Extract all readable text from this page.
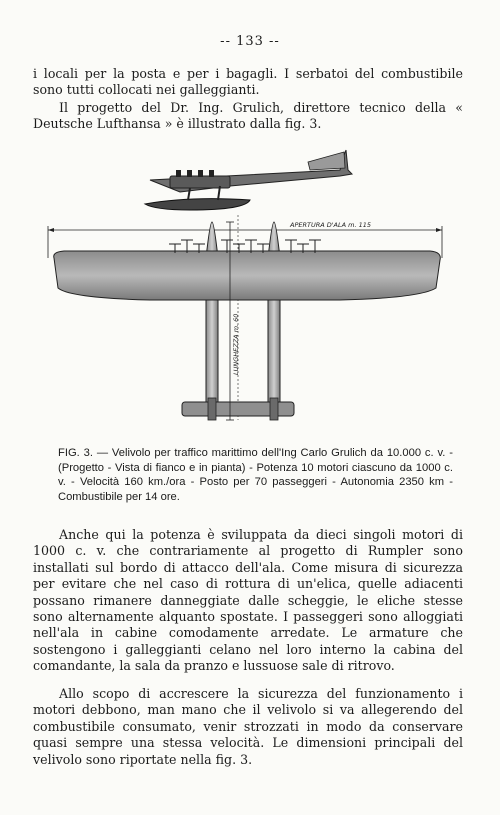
-- 133 --

i locali per la posta e per i bagagli. I serbatoi del combustibile sono tutti collocati nei galleggianti.

Il progetto del Dr. Ing. Grulich, direttore tecnico della « Deutsche Lufthansa » è illustrato dalla fig. 3.

APERTURA D'ALA m. 115
LUNGHEZZA m. 60

FIG. 3. — Velivolo per traffico marittimo dell'Ing Carlo Grulich da 10.000 c. v. - (Progetto - Vista di fianco e in pianta) - Potenza 10 motori ciascuno da 1000 c. v. - Velocità 160 km./ora - Posto per 70 passeggeri - Autonomia 2350 km - Combustibile per 14 ore.

Anche qui la potenza è sviluppata da dieci singoli motori di 1000 c. v. che contrariamente al progetto di Rumpler sono installati sul bordo di attacco dell'ala. Come misura di sicurezza per evitare che nel caso di rottura di un'elica, quelle adiacenti possano rimanere danneggiate dalle scheggie, le eliche stesse sono alternamente alquanto spostate. I passeggeri sono alloggiati nell'ala in cabine comodamente arredate. Le armature che sostengono i galleggianti celano nel loro interno la cabina del comandante, la sala da pranzo e lussuose sale di ritrovo.

Allo scopo di accrescere la sicurezza del funzionamento i motori debbono, man mano che il velivolo si va allegerendo del combustibile consumato, venir strozzati in modo da conservare quasi sempre una stessa velocità. Le dimensioni principali del velivolo sono riportate nella fig. 3.
